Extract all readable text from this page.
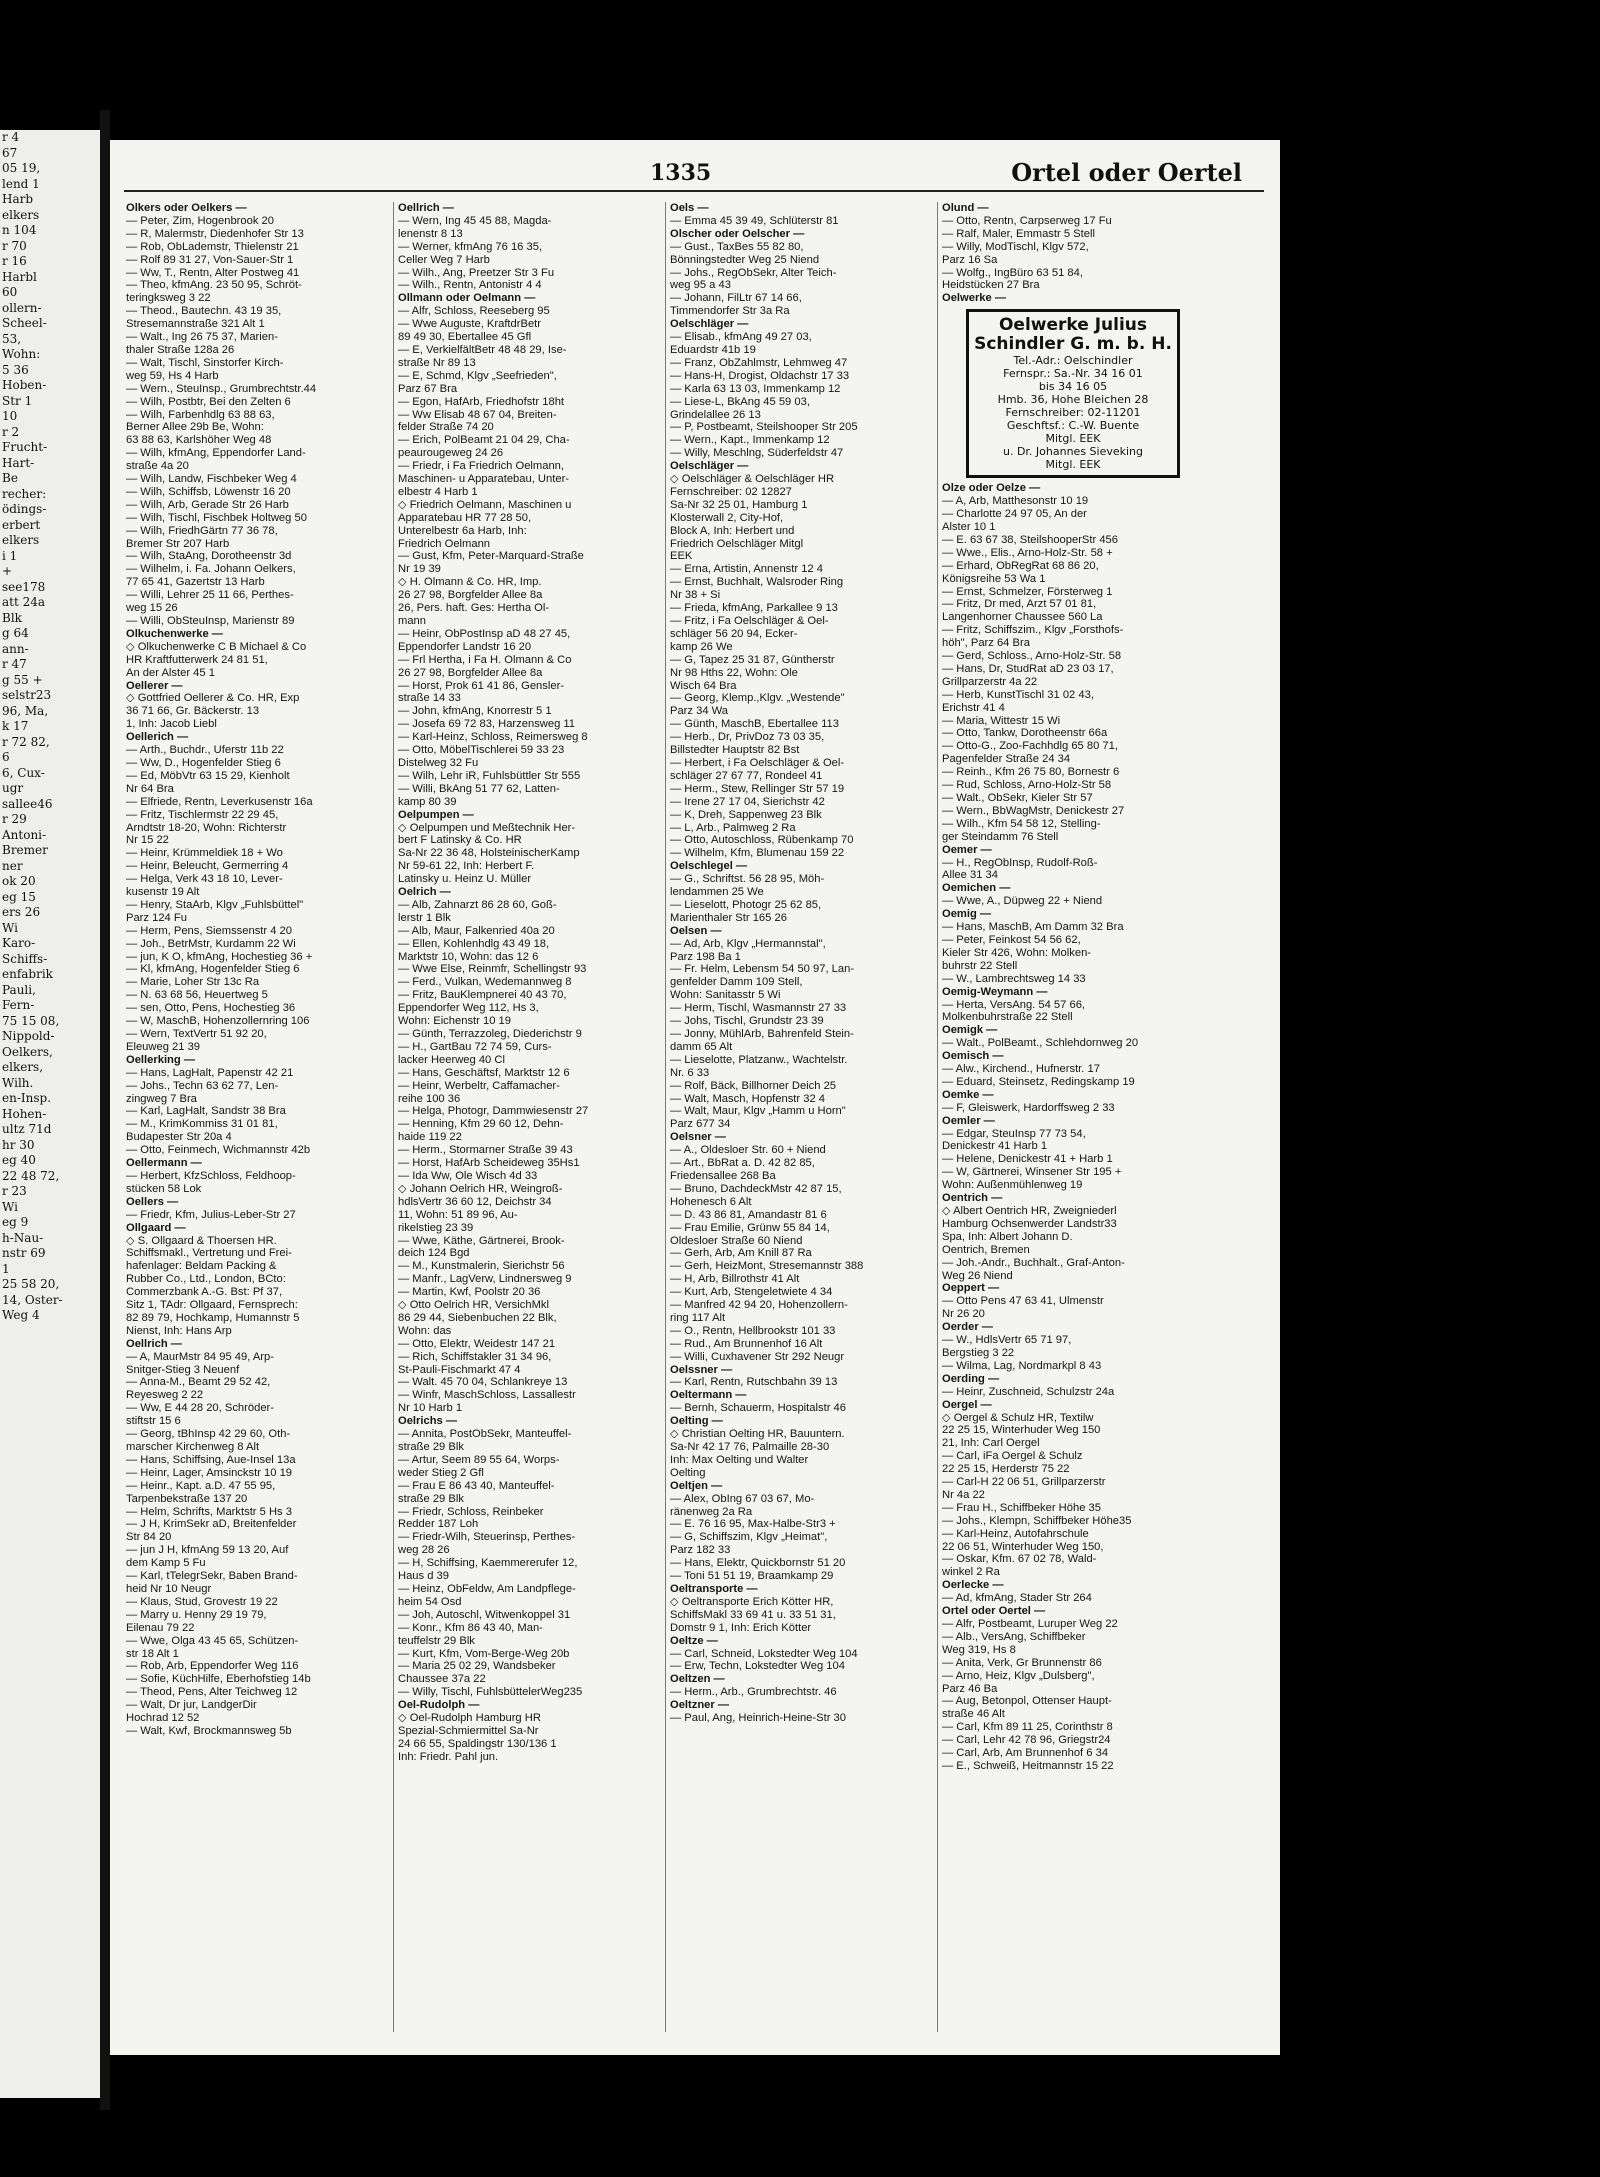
r 4
67
05 19,
lend 1
Harb
elkers
n 104
r 70
r 16
Harbl
60
ollern-
Scheel-
53,
Wohn:
5 36
Hoben-
Str 1
10
r 2
Frucht-
Hart-
Be
recher:
ödings-
erbert
elkers
i 1
+
see178
att 24a
Blk
g 64
ann-
r 47
g 55 +
selstr23
96, Ma,
k 17
r 72 82,
6
6, Cux-
ugr
sallee46
r 29
Antoni-
Bremer
ner
ok 20
eg 15
ers 26
Wi
Karo-
Schiffs-
enfabrik
Pauli,
Fern-
75 15 08,
Nippold-
Oelkers,
elkers,
Wilh.
en-Insp.
Hohen-
ultz 71d
hr 30
eg 40
22 48 72,
r 23
Wi
eg 9
h-Nau-
nstr 69
1
25 58 20,
14, Oster-
Weg 4
1335	Ortel oder Oertel
Olkers oder Oelkers —
— Peter, Zim, Hogenbrook 20
— R, Malermstr, Diedenhofer Str 13
— Rob, ObLademstr, Thielenstr 21
— Rolf 89 31 27, Von-Sauer-Str 1
— Ww, T., Rentn, Alter Postweg 41
— Theo, kfmAng. 23 50 95, Schröt-
teringksweg 3 22
— Theod., Bautechn. 43 19 35,
Stresemannstraße 321 Alt 1
— Walt., Ing 26 75 37, Marien-
thaler Straße 128a 26
— Walt, Tischl, Sinstorfer Kirch-
weg 59, Hs 4 Harb
— Wern., SteuInsp., Grumbrechtstr.44
— Wilh, Postbtr, Bei den Zelten 6
— Wilh, Farbenhdlg 63 88 63,
Berner Allee 29b Be, Wohn:
63 88 63, Karlshöher Weg 48
— Wilh, kfmAng, Eppendorfer Land-
straße 4a 20
— Wilh, Landw, Fischbeker Weg 4
— Wilh, Schiffsb, Löwenstr 16 20
— Wilh, Arb, Gerade Str 26 Harb
— Wilh, Tischl, Fischbek Holtweg 50
— Wilh, FriedhGärtn 77 36 78,
Bremer Str 207 Harb
— Wilh, StaAng, Dorotheenstr 3d
— Wilhelm, i. Fa. Johann Oelkers,
77 65 41, Gazertstr 13 Harb
— Willi, Lehrer 25 11 66, Perthes-
weg 15 26
— Willi, ObSteuInsp, Marienstr 89
Olkuchenwerke —
◇ Olkuchenwerke C B Michael & Co
HR Kraftfutterwerk 24 81 51,
An der Alster 45 1
Oellerer —
◇ Gottfried Oellerer & Co. HR, Exp
36 71 66, Gr. Bäckerstr. 13
1, Inh: Jacob Liebl
Oellerich —
— Arth., Buchdr., Uferstr 11b 22
— Ww, D., Hogenfelder Stieg 6
— Ed, MöbVtr 63 15 29, Kienholt
Nr 64 Bra
— Elfriede, Rentn, Leverkusenstr 16a
— Fritz, Tischlermstr 22 29 45,
Arndtstr 18-20, Wohn: Richterstr
Nr 15 22
— Heinr, Krümmeldiek 18 + Wo
— Heinr, Beleucht, Germerring 4
— Helga, Verk 43 18 10, Lever-
kusenstr 19 Alt
— Henry, StaArb, Klgv „Fuhlsbüttel"
Parz 124 Fu
— Herm, Pens, Siemssenstr 4 20
— Joh., BetrMstr, Kurdamm 22 Wi
— jun, K O, kfmAng, Hochestieg 36 +
— Kl, kfmAng, Hogenfelder Stieg 6
— Marie, Loher Str 13c Ra
— N. 63 68 56, Heuertweg 5
— sen, Otto, Pens, Hochestieg 36
— W, MaschB, Hohenzollernring 106
— Wern, TextVertr 51 92 20,
Eleuweg 21 39
Oellerking —
— Hans, LagHalt, Papenstr 42 21
— Johs., Techn 63 62 77, Len-
zingweg 7 Bra
— Karl, LagHalt, Sandstr 38 Bra
— M., KrimKommiss 31 01 81,
Budapester Str 20a 4
— Otto, Feinmech, Wichmannstr 42b
Oellermann —
— Herbert, KfzSchloss, Feldhoop-
stücken 58 Lok
Oellers —
— Friedr, Kfm, Julius-Leber-Str 27
Ollgaard —
◇ S. Ollgaard & Thoersen HR.
Schiffsmakl., Vertretung und Frei-
hafenlager: Beldam Packing &
Rubber Co., Ltd., London, BCto:
Commerzbank A.-G. Bst: Pf 37,
Sitz 1, TAdr: Ollgaard, Fernsprech:
82 89 79, Hochkamp, Humannstr 5
Nienst, Inh: Hans Arp
Oellrich —
— A, MaurMstr 84 95 49, Arp-
Snitger-Stieg 3 Neuenf
— Anna-M., Beamt 29 52 42,
Reyesweg 2 22
— Ww, E 44 28 20, Schröder-
stiftstr 15 6
— Georg, tBhInsp 42 29 60, Oth-
marscher Kirchenweg 8 Alt
— Hans, Schiffsing, Aue-Insel 13a
— Heinr, Lager, Amsinckstr 10 19
— Heinr., Kapt. a.D. 47 55 95,
Tarpenbekstraße 137 20
— Helm, Schrifts, Marktstr 5 Hs 3
— J H, KrimSekr aD, Breitenfelder
Str 84 20
— jun J H, kfmAng 59 13 20, Auf
dem Kamp 5 Fu
— Karl, tTelegrSekr, Baben Brand-
heid Nr 10 Neugr
— Klaus, Stud, Grovestr 19 22
— Marry u. Henny 29 19 79,
Eilenau 79 22
— Wwe, Olga 43 45 65, Schützen-
str 18 Alt 1
— Rob, Arb, Eppendorfer Weg 116
— Sofie, KüchHilfe, Eberhofstieg 14b
— Theod, Pens, Alter Teichweg 12
— Walt, Dr jur, LandgerDir
Hochrad 12 52
— Walt, Kwf, Brockmannsweg 5b
Oellrich —
— Wern, Ing 45 45 88, Magda-
lenenstr 8 13
— Werner, kfmAng 76 16 35,
Celler Weg 7 Harb
— Wilh., Ang, Preetzer Str 3 Fu
— Wilh., Rentn, Antonistr 4 4
Ollmann oder Oelmann —
— Alfr, Schloss, Reeseberg 95
— Wwe Auguste, KraftdrBetr
89 49 30, Ebertallee 45 Gfl
— E, VerkielfältBetr 48 48 29, Ise-
straße Nr 89 13
— E, Schmd, Klgv „Seefrieden",
Parz 67 Bra
— Egon, HafArb, Friedhofstr 18ht
— Ww Elisab 48 67 04, Breiten-
felder Straße 74 20
— Erich, PolBeamt 21 04 29, Cha-
peaurougeweg 24 26
— Friedr, i Fa Friedrich Oelmann,
Maschinen- u Apparatebau, Unter-
elbestr 4 Harb 1
◇ Friedrich Oelmann, Maschinen u
Apparatebau HR 77 28 50,
Unterelbestr 6a Harb, Inh:
Friedrich Oelmann
— Gust, Kfm, Peter-Marquard-Straße
Nr 19 39
◇ H. Olmann & Co. HR, Imp.
26 27 98, Borgfelder Allee 8a
26, Pers. haft. Ges: Hertha Ol-
mann
— Heinr, ObPostInsp aD 48 27 45,
Eppendorfer Landstr 16 20
— Frl Hertha, i Fa H. Olmann & Co
26 27 98, Borgfelder Allee 8a
— Horst, Prok 61 41 86, Gensler-
straße 14 33
— John, kfmAng, Knorrestr 5 1
— Josefa 69 72 83, Harzensweg 11
— Karl-Heinz, Schloss, Reimersweg 8
— Otto, MöbelTischlerei 59 33 23
Distelweg 32 Fu
— Wilh, Lehr iR, Fuhlsbüttler Str 555
— Willi, BkAng 51 77 62, Latten-
kamp 80 39
Oelpumpen —
◇ Oelpumpen und Meßtechnik Her-
bert F Latinsky & Co. HR
Sa-Nr 22 36 48, HolsteinischerKamp
Nr 59-61 22, Inh: Herbert F.
Latinsky u. Heinz U. Müller
Oelrich —
— Alb, Zahnarzt 86 28 60, Goß-
lerstr 1 Blk
— Alb, Maur, Falkenried 40a 20
— Ellen, Kohlenhdlg 43 49 18,
Marktstr 10, Wohn: das 12 6
— Wwe Else, Reinmfr, Schellingstr 93
— Ferd., Vulkan, Wedemannweg 8
— Fritz, BauKlempnerei 40 43 70,
Eppendorfer Weg 112, Hs 3,
Wohn: Eichenstr 10 19
— Günth, Terrazzoleg, Diederichstr 9
— H., GartBau 72 74 59, Curs-
lacker Heerweg 40 Cl
— Hans, Geschäftsf, Marktstr 12 6
— Heinr, Werbeltr, Caffamacher-
reihe 100 36
— Helga, Photogr, Dammwiesenstr 27
— Henning, Kfm 29 60 12, Dehn-
haide 119 22
— Herm., Stormarner Straße 39 43
— Horst, HafArb Scheideweg 35Hs1
— Ida Ww, Ole Wisch 4d 33
◇ Johann Oelrich HR, Weingroß-
hdlsVertr 36 60 12, Deichstr 34
11, Wohn: 51 89 96, Au-
rikelstieg 23 39
— Wwe, Käthe, Gärtnerei, Brook-
deich 124 Bgd
— M., Kunstmalerin, Sierichstr 56
— Manfr., LagVerw, Lindnersweg 9
— Martin, Kwf, Poolstr 20 36
◇ Otto Oelrich HR, VersichMkl
86 29 44, Siebenbuchen 22 Blk,
Wohn: das
— Otto, Elektr, Weidestr 147 21
— Rich, Schiffstakler 31 34 96,
St-Pauli-Fischmarkt 47 4
— Walt. 45 70 04, Schlankreye 13
— Winfr, MaschSchloss, Lassallestr
Nr 10 Harb 1
Oelrichs —
— Annita, PostObSekr, Manteuffel-
straße 29 Blk
— Artur, Seem 89 55 64, Worps-
weder Stieg 2 Gfl
— Frau E 86 43 40, Manteuffel-
straße 29 Blk
— Friedr, Schloss, Reinbeker
Redder 187 Loh
— Friedr-Wilh, Steuerinsp, Perthes-
weg 28 26
— H, Schiffsing, Kaemmererufer 12,
Haus d 39
— Heinz, ObFeldw, Am Landpflege-
heim 54 Osd
— Joh, Autoschl, Witwenkoppel 31
— Konr., Kfm 86 43 40, Man-
teuffelstr 29 Blk
— Kurt, Kfm, Vom-Berge-Weg 20b
— Maria 25 02 29, Wandsbeker
Chaussee 37a 22
— Willy, Tischl, FuhlsbüttelerWeg235
Oel-Rudolph —
◇ Oel-Rudolph Hamburg HR
Spezial-Schmiermittel Sa-Nr
24 66 55, Spaldingstr 130/136 1
Inh: Friedr. Pahl jun.
Oels —
— Emma 45 39 49, Schlüterstr 81
Olscher oder Oelscher —
— Gust., TaxBes 55 82 80,
Bönningstedter Weg 25 Niend
— Johs., RegObSekr, Alter Teich-
weg 95 a 43
— Johann, FilLtr 67 14 66,
Timmendorfer Str 3a Ra
Oelschläger —
— Elisab., kfmAng 49 27 03,
Eduardstr 41b 19
— Franz, ObZahlmstr, Lehmweg 47
— Hans-H, Drogist, Oldachstr 17 33
— Karla 63 13 03, Immenkamp 12
— Liese-L, BkAng 45 59 03,
Grindelallee 26 13
— P, Postbeamt, Steilshooper Str 205
— Wern., Kapt., Immenkamp 12
— Willy, Meschlng, Süderfeldstr 47
Oelschläger —
◇ Oelschläger & Oelschläger HR
Fernschreiber: 02 12827
Sa-Nr 32 25 01, Hamburg 1
Klosterwall 2, City-Hof,
Block A, Inh: Herbert und
Friedrich Oelschläger Mitgl
EEK
— Erna, Artistin, Annenstr 12 4
— Ernst, Buchhalt, Walsroder Ring
Nr 38 + Si
— Frieda, kfmAng, Parkallee 9 13
— Fritz, i Fa Oelschläger & Oel-
schläger 56 20 94, Ecker-
kamp 26 We
— G, Tapez 25 31 87, Güntherstr
Nr 98 Hths 22, Wohn: Ole
Wisch 64 Bra
— Georg, Klemp.,Klgv. „Westende"
Parz 34 Wa
— Günth, MaschB, Ebertallee 113
— Herb., Dr, PrivDoz 73 03 35,
Billstedter Hauptstr 82 Bst
— Herbert, i Fa Oelschläger & Oel-
schläger 27 67 77, Rondeel 41
— Herm., Stew, Rellinger Str 57 19
— Irene 27 17 04, Sierichstr 42
— K, Dreh, Sappenweg 23 Blk
— L, Arb., Palmweg 2 Ra
— Otto, Autoschloss, Rübenkamp 70
— Wilhelm, Kfm, Blumenau 159 22
Oelschlegel —
— G., Schriftst. 56 28 95, Möh-
lendammen 25 We
— Lieselott, Photogr 25 62 85,
Marienthaler Str 165 26
Oelsen —
— Ad, Arb, Klgv „Hermannstal",
Parz 198 Ba 1
— Fr. Helm, Lebensm 54 50 97, Lan-
genfelder Damm 109 Stell,
Wohn: Sanitasstr 5 Wi
— Herm, Tischl, Wasmannstr 27 33
— Johs, Tischl, Grundstr 23 39
— Jonny, MühlArb, Bahrenfeld Stein-
damm 65 Alt
— Lieselotte, Platzanw., Wachtelstr.
Nr. 6 33
— Rolf, Bäck, Billhorner Deich 25
— Walt, Masch, Hopfenstr 32 4
— Walt, Maur, Klgv „Hamm u Horn"
Parz 677 34
Oelsner —
— A., Oldesloer Str. 60 + Niend
— Art., BbRat a. D. 42 82 85,
Friedensallee 268 Ba
— Bruno, DachdeckMstr 42 87 15,
Hohenesch 6 Alt
— D. 43 86 81, Amandastr 81 6
— Frau Emilie, Grünw 55 84 14,
Oldesloer Straße 60 Niend
— Gerh, Arb, Am Knill 87 Ra
— Gerh, HeizMont, Stresemannstr 388
— H, Arb, Billrothstr 41 Alt
— Kurt, Arb, Stengeletwiete 4 34
— Manfred 42 94 20, Hohenzollern-
ring 117 Alt
— O., Rentn, Hellbrookstr 101 33
— Rud., Am Brunnenhof 16 Alt
— Willi, Cuxhavener Str 292 Neugr
Oelssner —
— Karl, Rentn, Rutschbahn 39 13
Oeltermann —
— Bernh, Schauerm, Hospitalstr 46
Oelting —
◇ Christian Oelting HR, Bauuntern.
Sa-Nr 42 17 76, Palmaille 28-30
Inh: Max Oelting und Walter
Oelting
Oeltjen —
— Alex, ObIng 67 03 67, Mo-
ränenweg 2a Ra
— E. 76 16 95, Max-Halbe-Str3 +
— G, Schiffszim, Klgv „Heimat",
Parz 182 33
— Hans, Elektr, Quickbornstr 51 20
— Toni 51 51 19, Braamkamp 29
Oeltransporte —
◇ Oeltransporte Erich Kötter HR,
SchiffsMakl 33 69 41 u. 33 51 31,
Domstr 9 1, Inh: Erich Kötter
Oeltze —
— Carl, Schneid, Lokstedter Weg 104
— Erw, Techn, Lokstedter Weg 104
Oeltzen —
— Herm., Arb., Grumbrechtstr. 46
Oeltzner —
— Paul, Ang, Heinrich-Heine-Str 30
Olund —
— Otto, Rentn, Carpserweg 17 Fu
— Ralf, Maler, Emmastr 5 Stell
— Willy, ModTischl, Klgv 572,
Parz 16 Sa
— Wolfg., IngBüro 63 51 84,
Heidstücken 27 Bra
Oelwerke —
Oelwerke Julius
Schindler G. m. b. H.
Tel.-Adr.: Oelschindler
Fernspr.: Sa.-Nr. 34 16 01
bis 34 16 05
Hmb. 36, Hohe Bleichen 28
Fernschreiber: 02-11201
Geschftsf.: C.-W. Buente
Mitgl. EEK
u. Dr. Johannes Sieveking
Mitgl. EEK
Olze oder Oelze —
— A, Arb, Matthesonstr 10 19
— Charlotte 24 97 05, An der
Alster 10 1
— E. 63 67 38, SteilshooperStr 456
— Wwe., Elis., Arno-Holz-Str. 58 +
— Erhard, ObRegRat 68 86 20,
Königsreihe 53 Wa 1
— Ernst, Schmelzer, Försterweg 1
— Fritz, Dr med, Arzt 57 01 81,
Langenhorner Chaussee 560 La
— Fritz, Schiffszim., Klgv „Forsthofs-
höh", Parz 64 Bra
— Gerd, Schloss., Arno-Holz-Str. 58
— Hans, Dr, StudRat aD 23 03 17,
Grillparzerstr 4a 22
— Herb, KunstTischl 31 02 43,
Erichstr 41 4
— Maria, Wittestr 15 Wi
— Otto, Tankw, Dorotheenstr 66a
— Otto-G., Zoo-Fachhdlg 65 80 71,
Pagenfelder Straße 24 34
— Reinh., Kfm 26 75 80, Bornestr 6
— Rud, Schloss, Arno-Holz-Str 58
— Walt., ObSekr, Kieler Str 57
— Wern., BbWagMstr, Denickestr 27
— Wilh., Kfm 54 58 12, Stelling-
ger Steindamm 76 Stell
Oemer —
— H., RegObInsp, Rudolf-Roß-
Allee 31 34
Oemichen —
— Wwe, A., Düpweg 22 + Niend
Oemig —
— Hans, MaschB, Am Damm 32 Bra
— Peter, Feinkost 54 56 62,
Kieler Str 426, Wohn: Molken-
buhrstr 22 Stell
— W., Lambrechtsweg 14 33
Oemig-Weymann —
— Herta, VersAng. 54 57 66,
Molkenbuhrstraße 22 Stell
Oemigk —
— Walt., PolBeamt., Schlehdornweg 20
Oemisch —
— Alw., Kirchend., Hufnerstr. 17
— Eduard, Steinsetz, Redingskamp 19
Oemke —
— F, Gleiswerk, Hardorffsweg 2 33
Oemler —
— Edgar, SteuInsp 77 73 54,
Denickestr 41 Harb 1
— Helene, Denickestr 41 + Harb 1
— W, Gärtnerei, Winsener Str 195 +
Wohn: Außenmühlenweg 19
Oentrich —
◇ Albert Oentrich HR, Zweigniederl
Hamburg Ochsenwerder Landstr33
Spa, Inh: Albert Johann D.
Oentrich, Bremen
— Joh.-Andr., Buchhalt., Graf-Anton-
Weg 26 Niend
Oeppert —
— Otto Pens 47 63 41, Ulmenstr
Nr 26 20
Oerder —
— W., HdlsVertr 65 71 97,
Bergstieg 3 22
— Wilma, Lag, Nordmarkpl 8 43
Oerding —
— Heinr, Zuschneid, Schulzstr 24a
Oergel —
◇ Oergel & Schulz HR, Textilw
22 25 15, Winterhuder Weg 150
21, Inh: Carl Oergel
— Carl, iFa Oergel & Schulz
22 25 15, Herderstr 75 22
— Carl-H 22 06 51, Grillparzerstr
Nr 4a 22
— Frau H., Schiffbeker Höhe 35
— Johs., Klempn, Schiffbeker Höhe35
— Karl-Heinz, Autofahrschule
22 06 51, Winterhuder Weg 150,
— Oskar, Kfm. 67 02 78, Wald-
winkel 2 Ra
Oerlecke —
— Ad, kfmAng, Stader Str 264
Ortel oder Oertel —
— Alfr, Postbeamt, Luruper Weg 22
— Alb., VersAng, Schiffbeker
Weg 319, Hs 8
— Anita, Verk, Gr Brunnenstr 86
— Arno, Heiz, Klgv „Dulsberg",
Parz 46 Ba
— Aug, Betonpol, Ottenser Haupt-
straße 46 Alt
— Carl, Kfm 89 11 25, Corinthstr 8
— Carl, Lehr 42 78 96, Griegstr24
— Carl, Arb, Am Brunnenhof 6 34
— E., Schweiß, Heitmannstr 15 22
